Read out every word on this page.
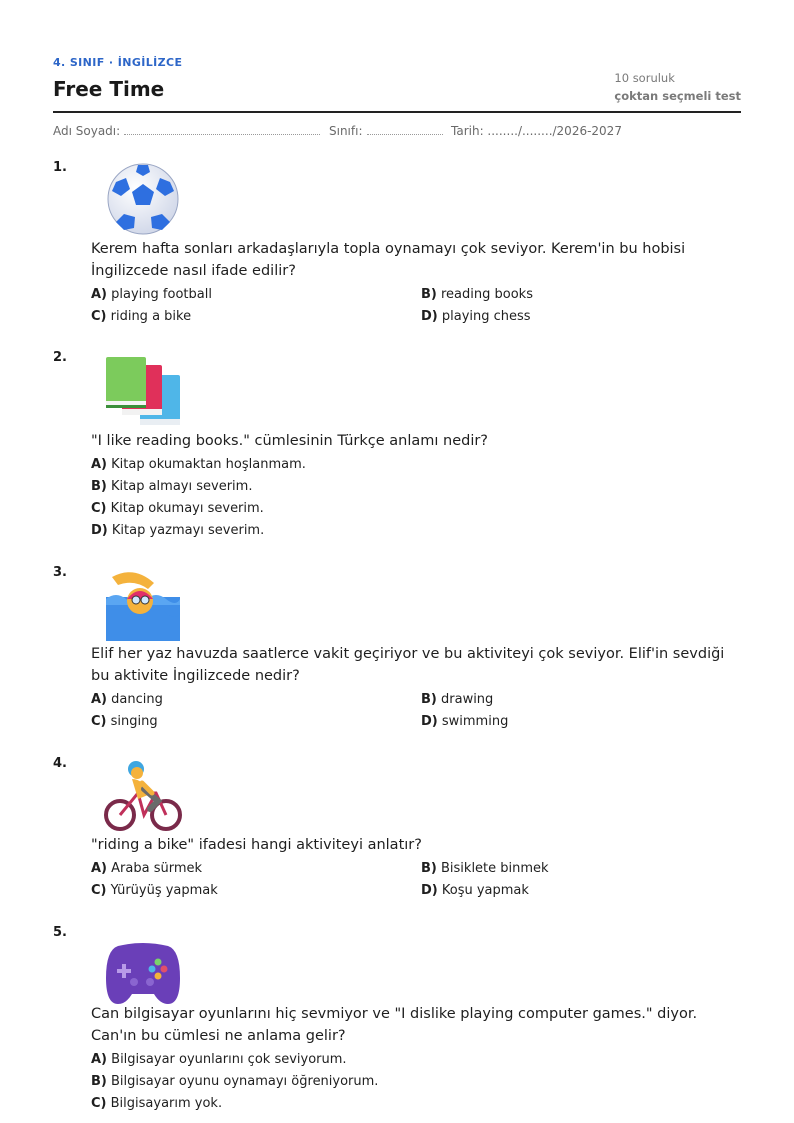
4. SINIF · İNGİLİZCE
Free Time	10 soruluk
çoktan seçmeli test
Adı Soyadı:	Sınıfı:	Tarih: ......../......../2026-2027
1.
Kerem hafta sonları arkadaşlarıyla topla oynamayı çok seviyor. Kerem'in bu hobisi İngilizcede nasıl ifade edilir?
A) playing football	B) reading books
C) riding a bike	D) playing chess
2.
"I like reading books." cümlesinin Türkçe anlamı nedir?
A) Kitap okumaktan hoşlanmam.
B) Kitap almayı severim.
C) Kitap okumayı severim.
D) Kitap yazmayı severim.
3.
Elif her yaz havuzda saatlerce vakit geçiriyor ve bu aktiviteyi çok seviyor. Elif'in sevdiği bu aktivite İngilizcede nedir?
A) dancing	B) drawing
C) singing	D) swimming
4.
"riding a bike" ifadesi hangi aktiviteyi anlatır?
A) Araba sürmek	B) Bisiklete binmek
C) Yürüyüş yapmak	D) Koşu yapmak
5.
Can bilgisayar oyunlarını hiç sevmiyor ve "I dislike playing computer games." diyor. Can'ın bu cümlesi ne anlama gelir?
A) Bilgisayar oyunlarını çok seviyorum.
B) Bilgisayar oyunu oynamayı öğreniyorum.
C) Bilgisayarım yok.
